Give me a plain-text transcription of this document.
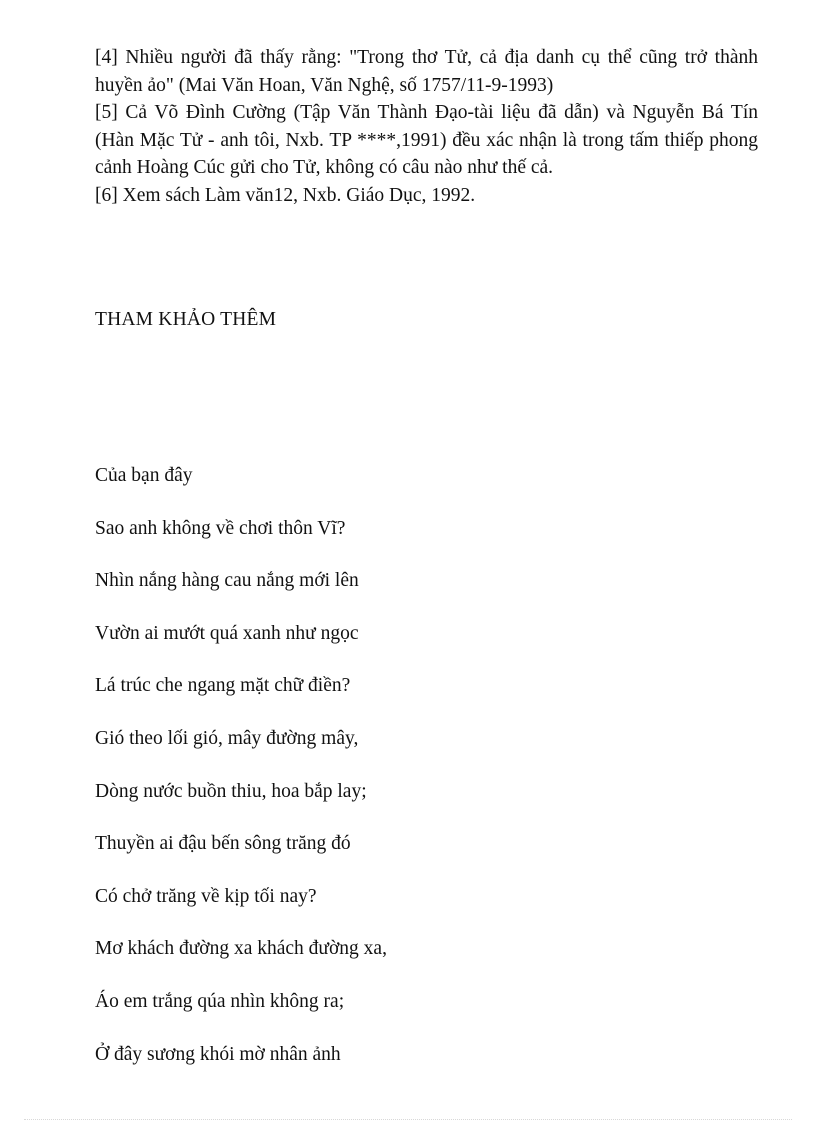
[4] Nhiều người đã thấy rằng: "Trong thơ Tử, cả địa danh cụ thể cũng trở thành huyền ảo" (Mai Văn Hoan, Văn Nghệ, số 1757/11-9-1993)

[5] Cả Võ Đình Cường (Tập Văn Thành Đạo-tài liệu đã dẫn) và Nguyễn Bá Tín (Hàn Mặc Tử - anh tôi, Nxb. TP ****,1991) đều xác nhận là trong tấm thiếp phong cảnh Hoàng Cúc gửi cho Tử, không có câu nào như thế cả.

[6] Xem sách Làm văn12, Nxb. Giáo Dục, 1992.

THAM KHẢO THÊM
Của bạn đây
Sao anh không về chơi thôn Vĩ?
Nhìn nắng hàng cau nắng mới lên
Vườn ai mướt quá xanh như ngọc
Lá trúc che ngang mặt chữ điền?
Gió theo lối gió, mây đường mây,
Dòng nước buồn thiu, hoa bắp lay;
Thuyền ai đậu bến sông trăng đó
Có chở trăng về kịp tối nay?
Mơ khách đường xa khách đường xa,
Áo em trắng qúa nhìn không ra;
Ở đây sương khói mờ nhân ảnh
